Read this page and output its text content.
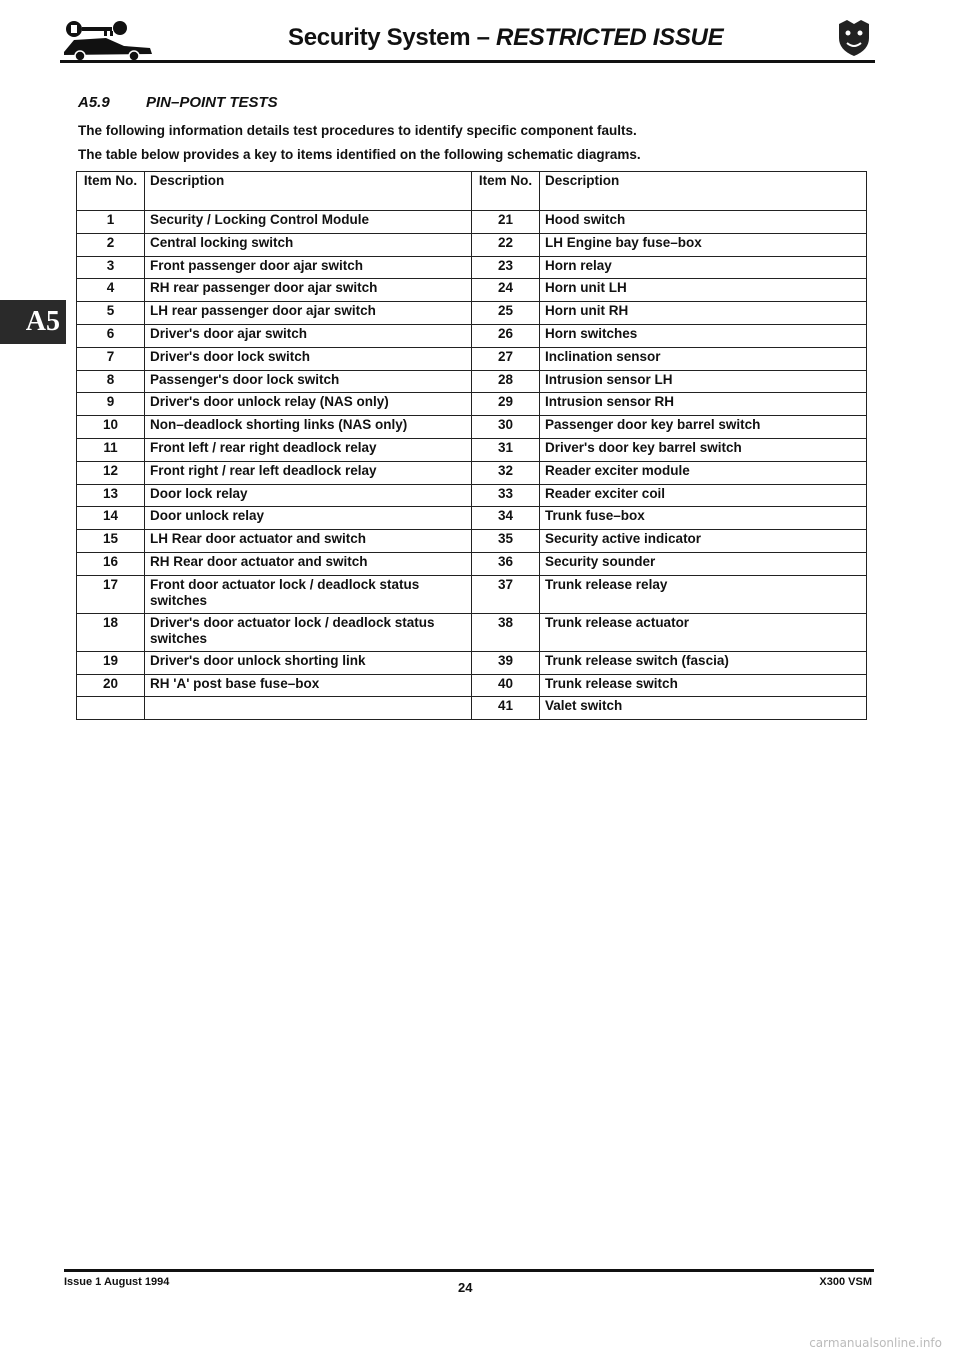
Security System – RESTRICTED ISSUE
A5
A5.9 PIN–POINT TESTS
The following information details test procedures to identify specific component faults.
The table below provides a key to items identified on the following schematic diagrams.
Item No.	Description	Item No.	Description
1	Security / Locking Control Module	21	Hood switch
2	Central locking switch	22	LH Engine bay fuse–box
3	Front passenger door ajar switch	23	Horn relay
4	RH rear passenger door ajar switch	24	Horn unit LH
5	LH rear passenger door ajar switch	25	Horn unit RH
6	Driver's door ajar switch	26	Horn switches
7	Driver's door lock switch	27	Inclination sensor
8	Passenger's door lock switch	28	Intrusion sensor LH
9	Driver's door unlock relay (NAS only)	29	Intrusion sensor RH
10	Non–deadlock shorting links (NAS only)	30	Passenger door key barrel switch
11	Front left / rear right deadlock relay	31	Driver's door key barrel switch
12	Front right / rear left deadlock relay	32	Reader exciter module
13	Door lock relay	33	Reader exciter coil
14	Door unlock relay	34	Trunk fuse–box
15	LH Rear door actuator and switch	35	Security active indicator
16	RH Rear door actuator and switch	36	Security sounder
17	Front door actuator lock / deadlock status switches	37	Trunk release relay
18	Driver's door actuator lock / deadlock status switches	38	Trunk release actuator
19	Driver's door unlock shorting link	39	Trunk release switch (fascia)
20	RH 'A' post base fuse–box	40	Trunk release switch
		41	Valet switch
Issue 1 August 1994	24	X300 VSM
carmanualsonline.info
